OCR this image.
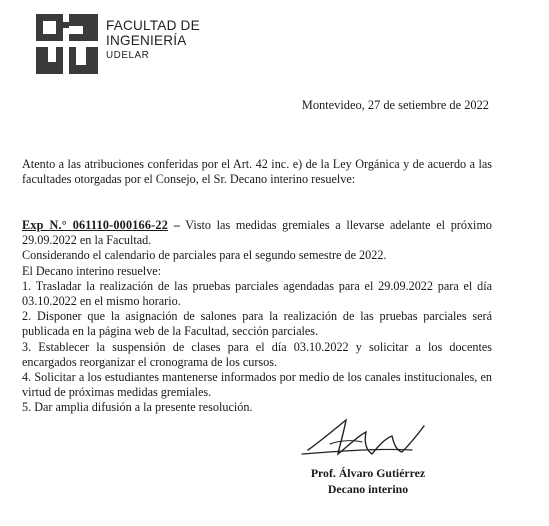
FACULTAD DE
INGENIERÍA
UDELAR
Montevideo, 27 de setiembre de 2022

Atento a las atribuciones conferidas por el Art. 42 inc. e) de la Ley Orgánica y de acuerdo a las facultades otorgadas por el Consejo, el Sr. Decano interino resuelve:

Exp N.° 061110-000166-22 – Visto las medidas gremiales a llevarse adelante el próximo 29.09.2022 en la Facultad.

Considerando el calendario de parciales para el segundo semestre de 2022.

El Decano interino resuelve:

1. Trasladar la realización de las pruebas parciales agendadas para el 29.09.2022 para el día 03.10.2022 en el mismo horario.

2. Disponer que la asignación de salones para la realización de las pruebas parciales será publicada en la página web de la Facultad, sección parciales.

3. Establecer la suspensión de clases para el día 03.10.2022 y solicitar a los docentes encargados reorganizar el cronograma de los cursos.

4. Solicitar a los estudiantes mantenerse informados por medio de los canales institucionales, en virtud de próximas medidas gremiales.

5. Dar amplia difusión a la presente resolución.

Prof. Álvaro Gutiérrez
Decano interino
